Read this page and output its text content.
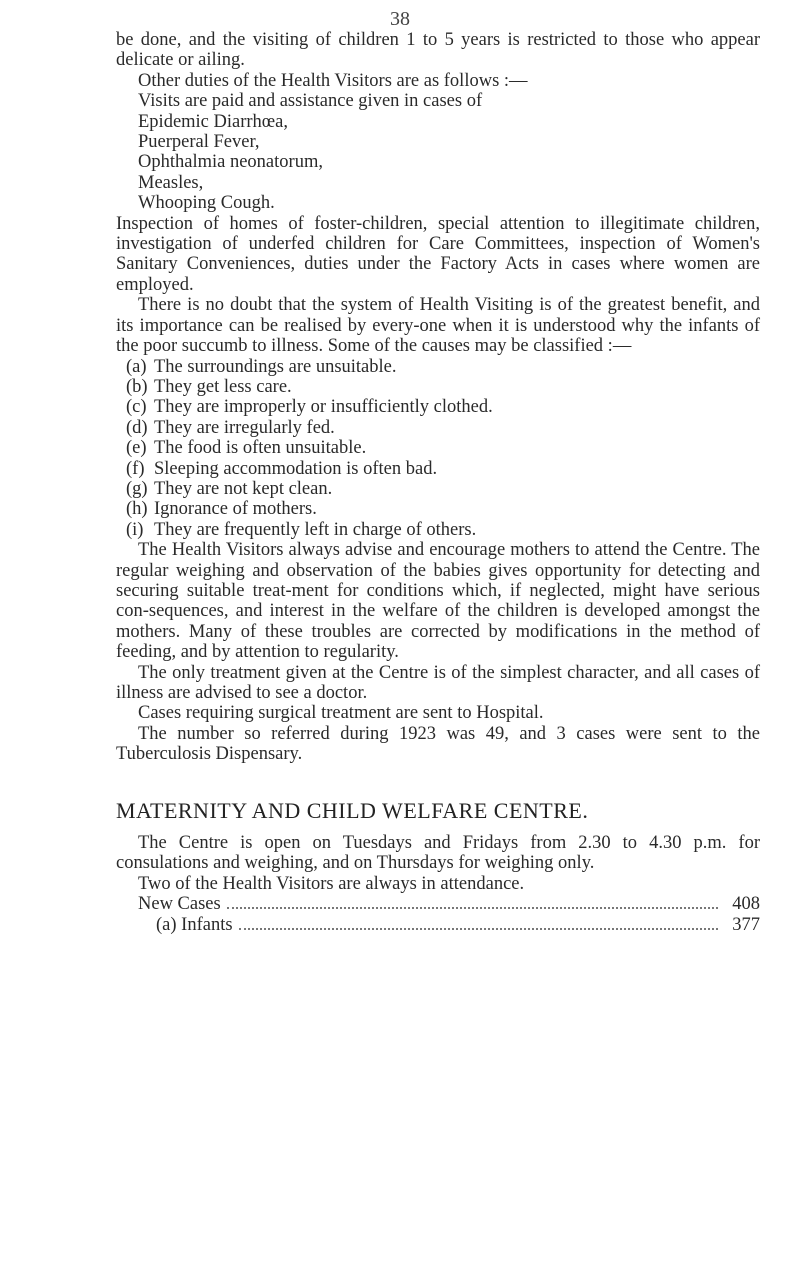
38

be done, and the visiting of children 1 to 5 years is restricted to those who appear delicate or ailing.

Other duties of the Health Visitors are as follows :—

Visits are paid and assistance given in cases of

Epidemic Diarrhœa,
Puerperal Fever,
Ophthalmia neonatorum,
Measles,
Whooping Cough.

Inspection of homes of foster-children, special attention to illegitimate children, investigation of underfed children for Care Committees, inspection of Women's Sanitary Conveniences, duties under the Factory Acts in cases where women are employed.

There is no doubt that the system of Health Visiting is of the greatest benefit, and its importance can be realised by every-one when it is understood why the infants of the poor succumb to illness. Some of the causes may be classified :—

(a) The surroundings are unsuitable.
(b) They get less care.
(c) They are improperly or insufficiently clothed.
(d) They are irregularly fed.
(e) The food is often unsuitable.
(f) Sleeping accommodation is often bad.
(g) They are not kept clean.
(h) Ignorance of mothers.
(i) They are frequently left in charge of others.

The Health Visitors always advise and encourage mothers to attend the Centre. The regular weighing and observation of the babies gives opportunity for detecting and securing suitable treat-ment for conditions which, if neglected, might have serious con-sequences, and interest in the welfare of the children is developed amongst the mothers. Many of these troubles are corrected by modifications in the method of feeding, and by attention to regularity.

The only treatment given at the Centre is of the simplest character, and all cases of illness are advised to see a doctor.

Cases requiring surgical treatment are sent to Hospital.

The number so referred during 1923 was 49, and 3 cases were sent to the Tuberculosis Dispensary.

MATERNITY AND CHILD WELFARE CENTRE.

The Centre is open on Tuesdays and Fridays from 2.30 to 4.30 p.m. for consulations and weighing, and on Thursdays for weighing only.

Two of the Health Visitors are always in attendance.

New Cases	408
(a) Infants	377
